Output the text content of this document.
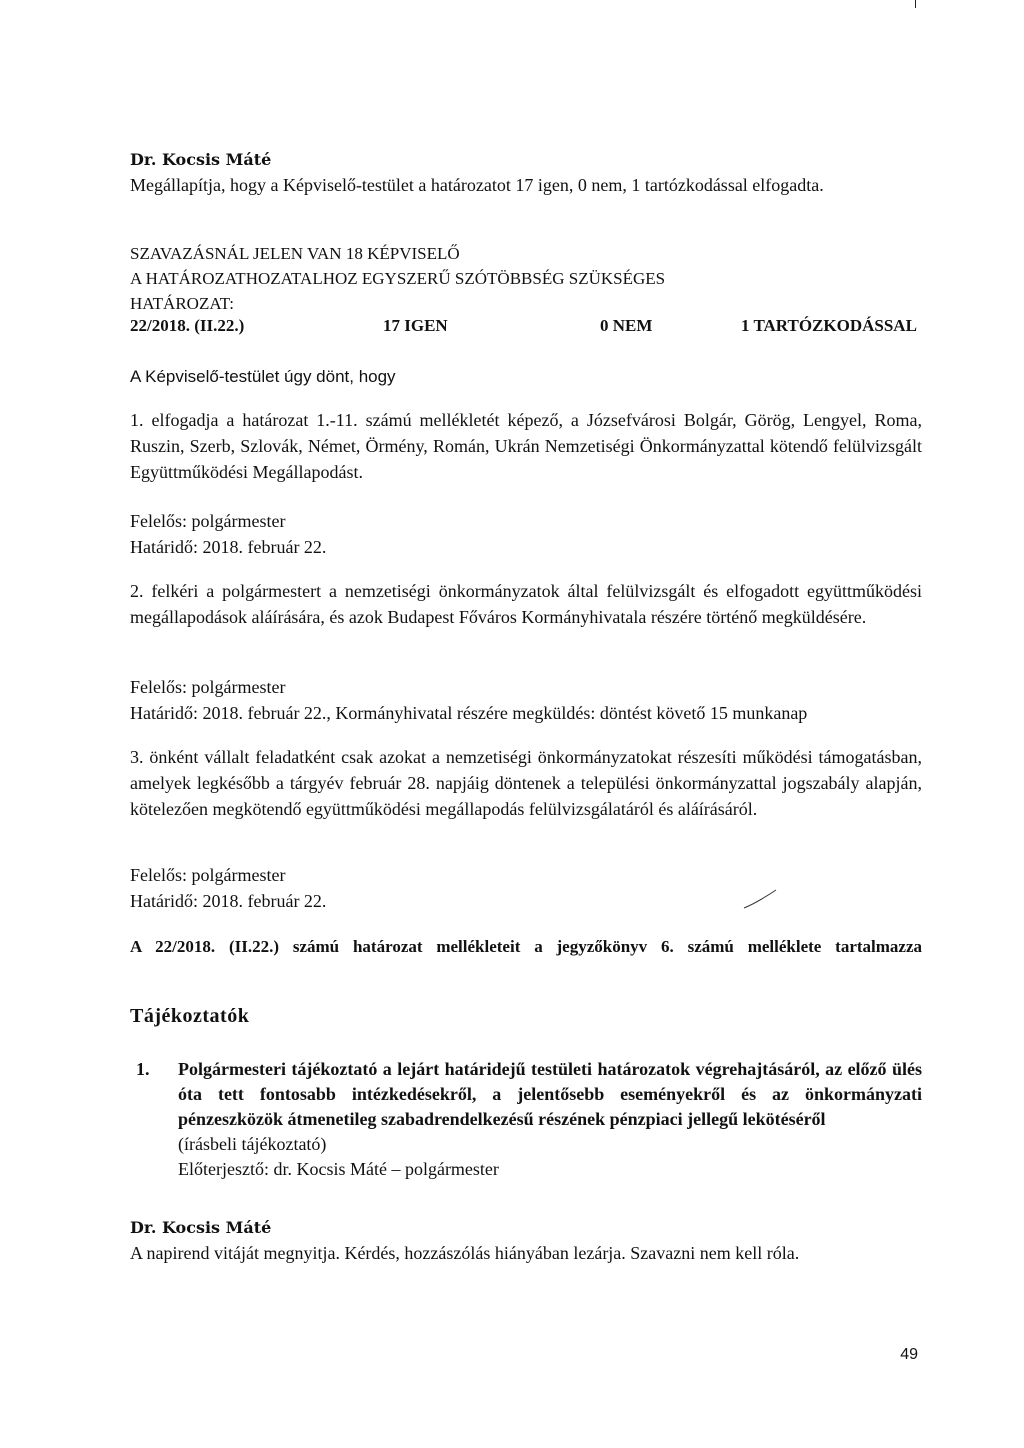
Dr. Kocsis Máté

Megállapítja, hogy a Képviselő-testület a határozatot 17 igen, 0 nem, 1 tartózkodással elfogadta.

SZAVAZÁSNÁL JELEN VAN 18 KÉPVISELŐ
A HATÁROZATHOZATALHOZ EGYSZERŰ SZÓTÖBBSÉG SZÜKSÉGES
HATÁROZAT:
22/2018. (II.22.)	17 IGEN	0 NEM	1 TARTÓZKODÁSSAL

A Képviselő-testület úgy dönt, hogy

1. elfogadja a határozat 1.-11. számú mellékletét képező, a Józsefvárosi Bolgár, Görög, Lengyel, Roma, Ruszin, Szerb, Szlovák, Német, Örmény, Román, Ukrán Nemzetiségi Önkormányzattal kötendő felülvizsgált Együttműködési Megállapodást.

Felelős: polgármester

Határidő: 2018. február 22.

2. felkéri a polgármestert a nemzetiségi önkormányzatok által felülvizsgált és elfogadott együttműködési megállapodások aláírására, és azok Budapest Főváros Kormányhivatala részére történő megküldésére.

Felelős: polgármester

Határidő: 2018. február 22., Kormányhivatal részére megküldés: döntést követő 15 munkanap

3. önként vállalt feladatként csak azokat a nemzetiségi önkormányzatokat részesíti működési támogatásban, amelyek legkésőbb a tárgyév február 28. napjáig döntenek a települési önkormányzattal jogszabály alapján, kötelezően megkötendő együttműködési megállapodás felülvizsgálatáról és aláírásáról.

Felelős: polgármester

Határidő: 2018. február 22.

A 22/2018. (II.22.) számú határozat mellékleteit a jegyzőkönyv 6. számú melléklete tartalmazza

Tájékoztatók

1. Polgármesteri tájékoztató a lejárt határidejű testületi határozatok végrehajtásáról, az előző ülés óta tett fontosabb intézkedésekről, a jelentősebb eseményekről és az önkormányzati pénzeszközök átmenetileg szabadrendelkezésű részének pénzpiaci jellegű lekötéséről

(írásbeli tájékoztató)

Előterjesztő: dr. Kocsis Máté – polgármester

Dr. Kocsis Máté

A napirend vitáját megnyitja. Kérdés, hozzászólás hiányában lezárja. Szavazni nem kell róla.

49
